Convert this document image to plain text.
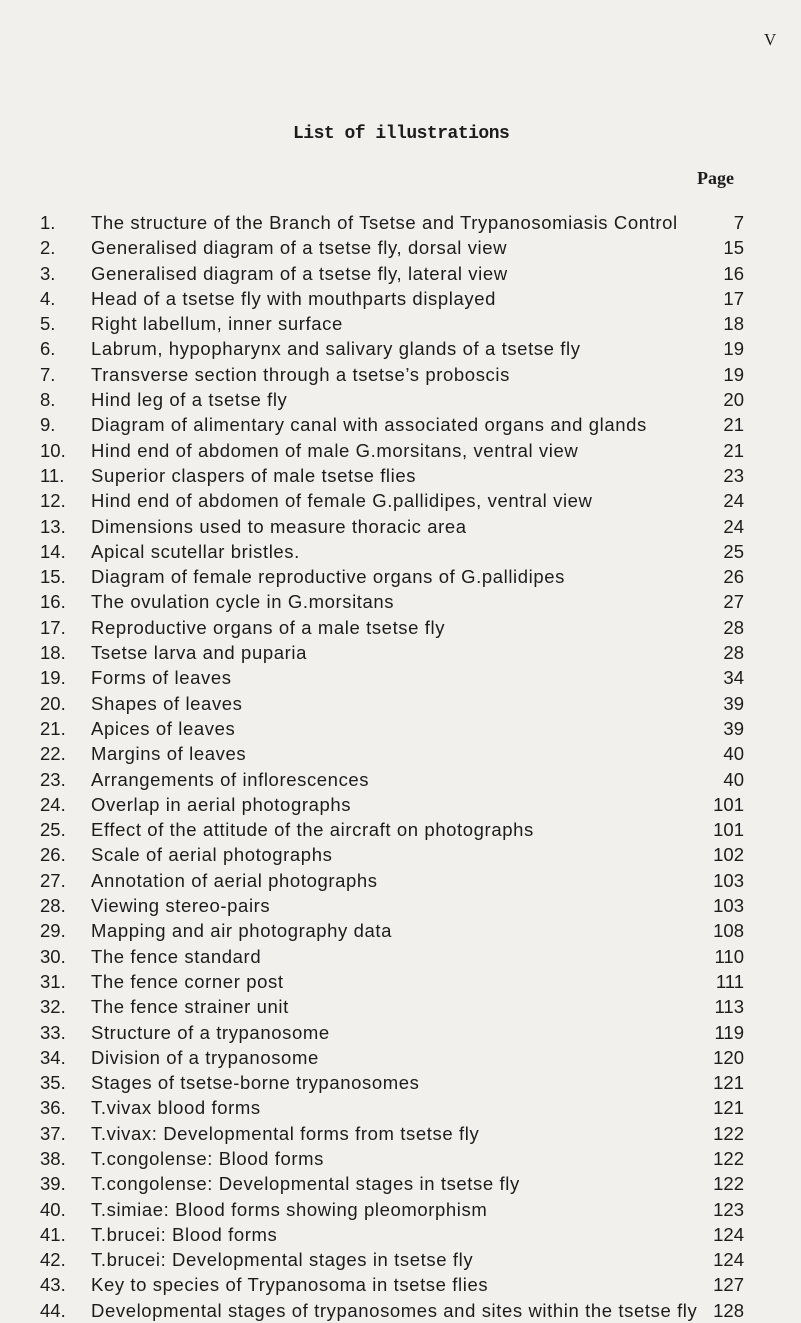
V
List of illustrations
Page
1.	The structure of the Branch of Tsetse and Trypanosomiasis Control	7
2.	Generalised diagram of a tsetse fly, dorsal view	15
3.	Generalised diagram of a tsetse fly, lateral view	16
4.	Head of a tsetse fly with mouthparts displayed	17
5.	Right labellum, inner surface	18
6.	Labrum, hypopharynx and salivary glands of a tsetse fly	19
7.	Transverse section through a tsetse’s proboscis	19
8.	Hind leg of a tsetse fly	20
9.	Diagram of alimentary canal with associated organs and glands	21
10.	Hind end of abdomen of male G.morsitans, ventral view	21
11.	Superior claspers of male tsetse flies	23
12.	Hind end of abdomen of female G.pallidipes, ventral view	24
13.	Dimensions used to measure thoracic area	24
14.	Apical scutellar bristles.	25
15.	Diagram of female reproductive organs of G.pallidipes	26
16.	The ovulation cycle in G.morsitans	27
17.	Reproductive organs of a male tsetse fly	28
18.	Tsetse larva and puparia	28
19.	Forms of leaves	34
20.	Shapes of leaves	39
21.	Apices of leaves	39
22.	Margins of leaves	40
23.	Arrangements of inflorescences	40
24.	Overlap in aerial photographs	101
25.	Effect of the attitude of the aircraft on photographs	101
26.	Scale of aerial photographs	102
27.	Annotation of aerial photographs	103
28.	Viewing stereo-pairs	103
29.	Mapping and air photography data	108
30.	The fence standard	110
31.	The fence corner post	111
32.	The fence strainer unit	113
33.	Structure of a trypanosome	119
34.	Division of a trypanosome	120
35.	Stages of tsetse-borne trypanosomes	121
36.	T.vivax blood forms	121
37.	T.vivax: Developmental forms from tsetse fly	122
38.	T.congolense: Blood forms	122
39.	T.congolense: Developmental stages in tsetse fly	122
40.	T.simiae: Blood forms showing pleomorphism	123
41.	T.brucei: Blood forms	124
42.	T.brucei: Developmental stages in tsetse fly	124
43.	Key to species of Trypanosoma in tsetse flies	127
44.	Developmental stages of trypanosomes and sites within the tsetse fly 128
